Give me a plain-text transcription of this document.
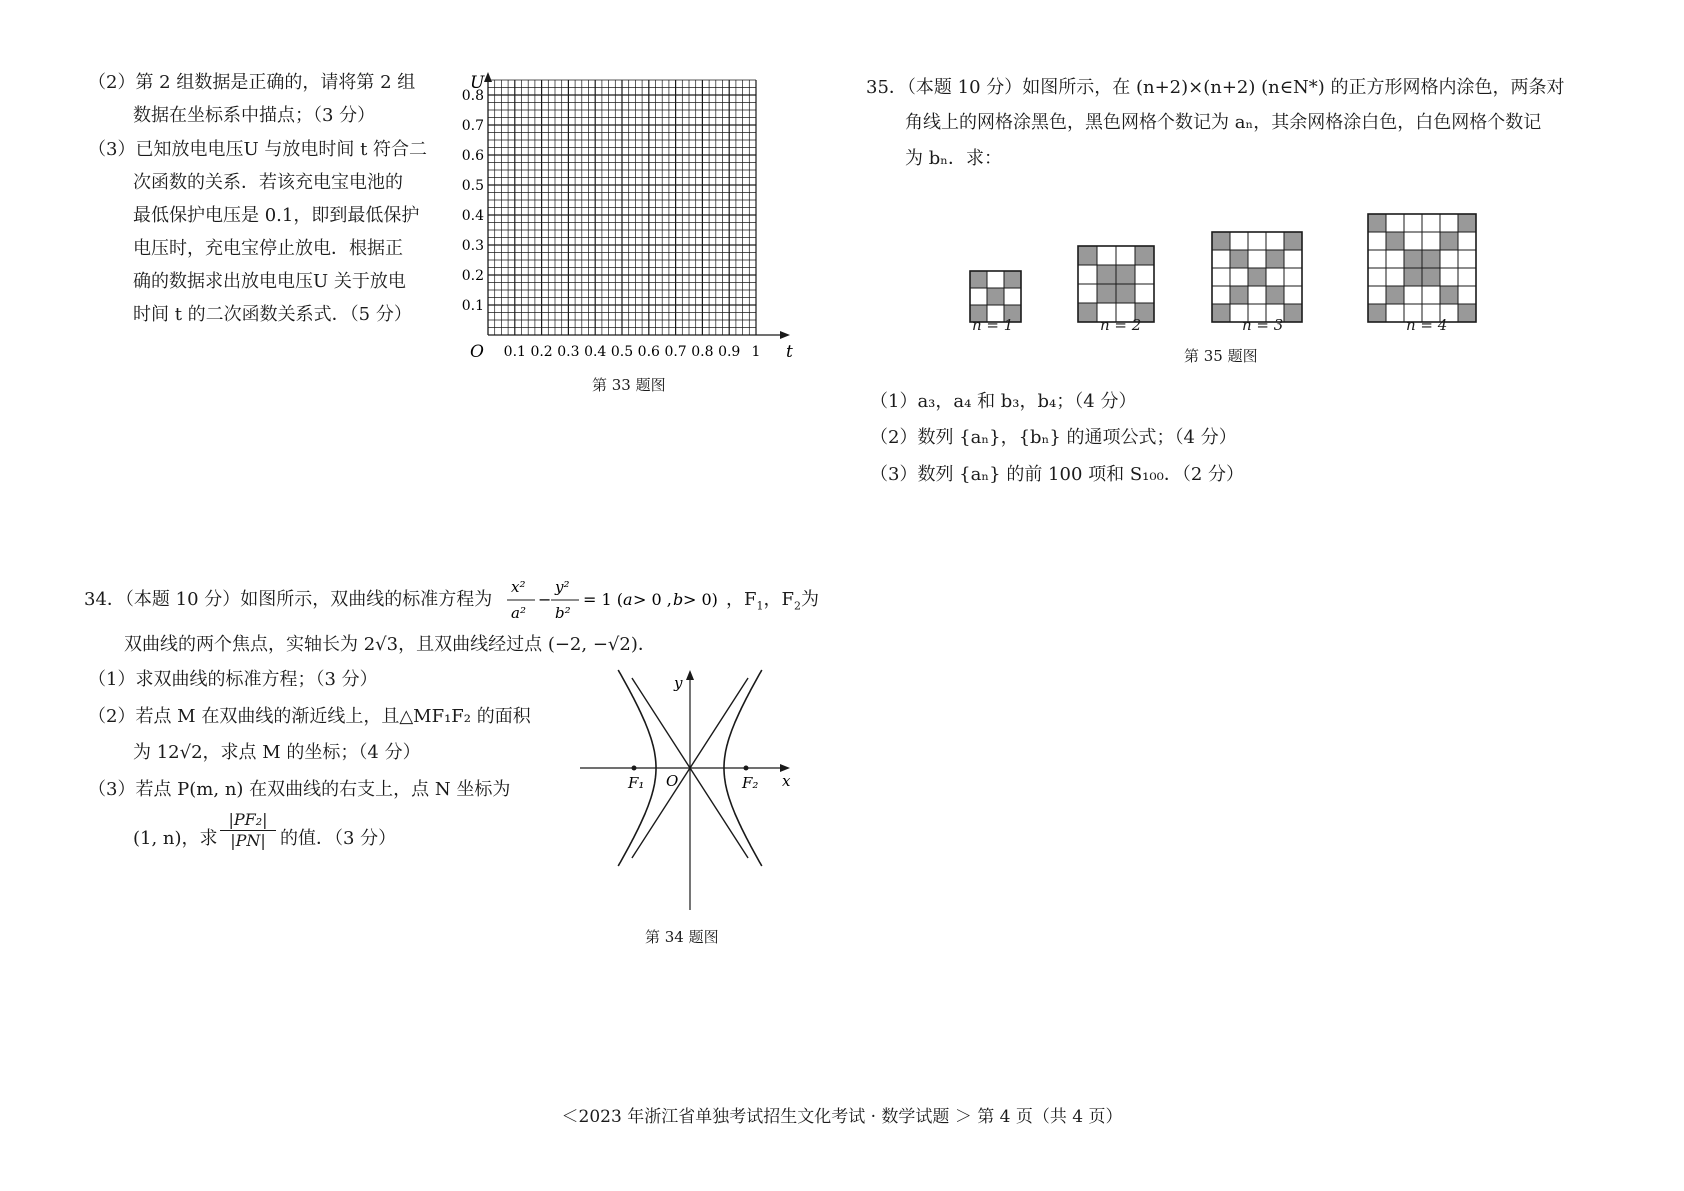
（2）第 2 组数据是正确的，请将第 2 组
数据在坐标系中描点；（3 分）
（3）已知放电电压U 与放电时间 t 符合二
次函数的关系．若该充电宝电池的
最低保护电压是 0.1，即到最低保护
电压时，充电宝停止放电．根据正
确的数据求出放电电压U 关于放电
时间 t 的二次函数关系式．（5 分）
0.1 0.2 0.3 0.4 0.5 0.6 0.7 0.8 0.9 1
0.1
0.2
0.3
0.4
0.5
0.6
0.7
0.8
U
t
O
第 33 题图
35．（本题 10 分）如图所示，在 (n+2)×(n+2) (n∈N*) 的正方形网格内涂色，两条对
角线上的网格涂黑色，黑色网格个数记为 aₙ，其余网格涂白色，白色网格个数记
为 bₙ．求：
n = 1	n = 2	n = 3	n = 4
第 35 题图
（1）a₃，a₄ 和 b₃，b₄；（4 分）
（2）数列 {aₙ}，{bₙ} 的通项公式；（4 分）
（3）数列 {aₙ} 的前 100 项和 S₁₀₀．（2 分）
34．（本题 10 分）如图所示，双曲线的标准方程为
x²
a²
−
y²
b²
= 1 ( a > 0 , b > 0) ，$F_1$，$F_2$为
双曲线的两个焦点，实轴长为 2√3，且双曲线经过点 (−2, −√2)．
（1）求双曲线的标准方程；（3 分）
（2）若点 M 在双曲线的渐近线上，且△MF₁F₂ 的面积
为 12√2，求点 M 的坐标；（4 分）
（3）若点 P(m, n) 在双曲线的右支上，点 N 坐标为
(1, n)，求
|PF₂|
|PN| 的值．（3 分）
y
x
O
F₁	F₂
第 34 题图
＜2023 年浙江省单独考试招生文化考试 · 数学试题 ＞ 第 4 页（共 4 页）
